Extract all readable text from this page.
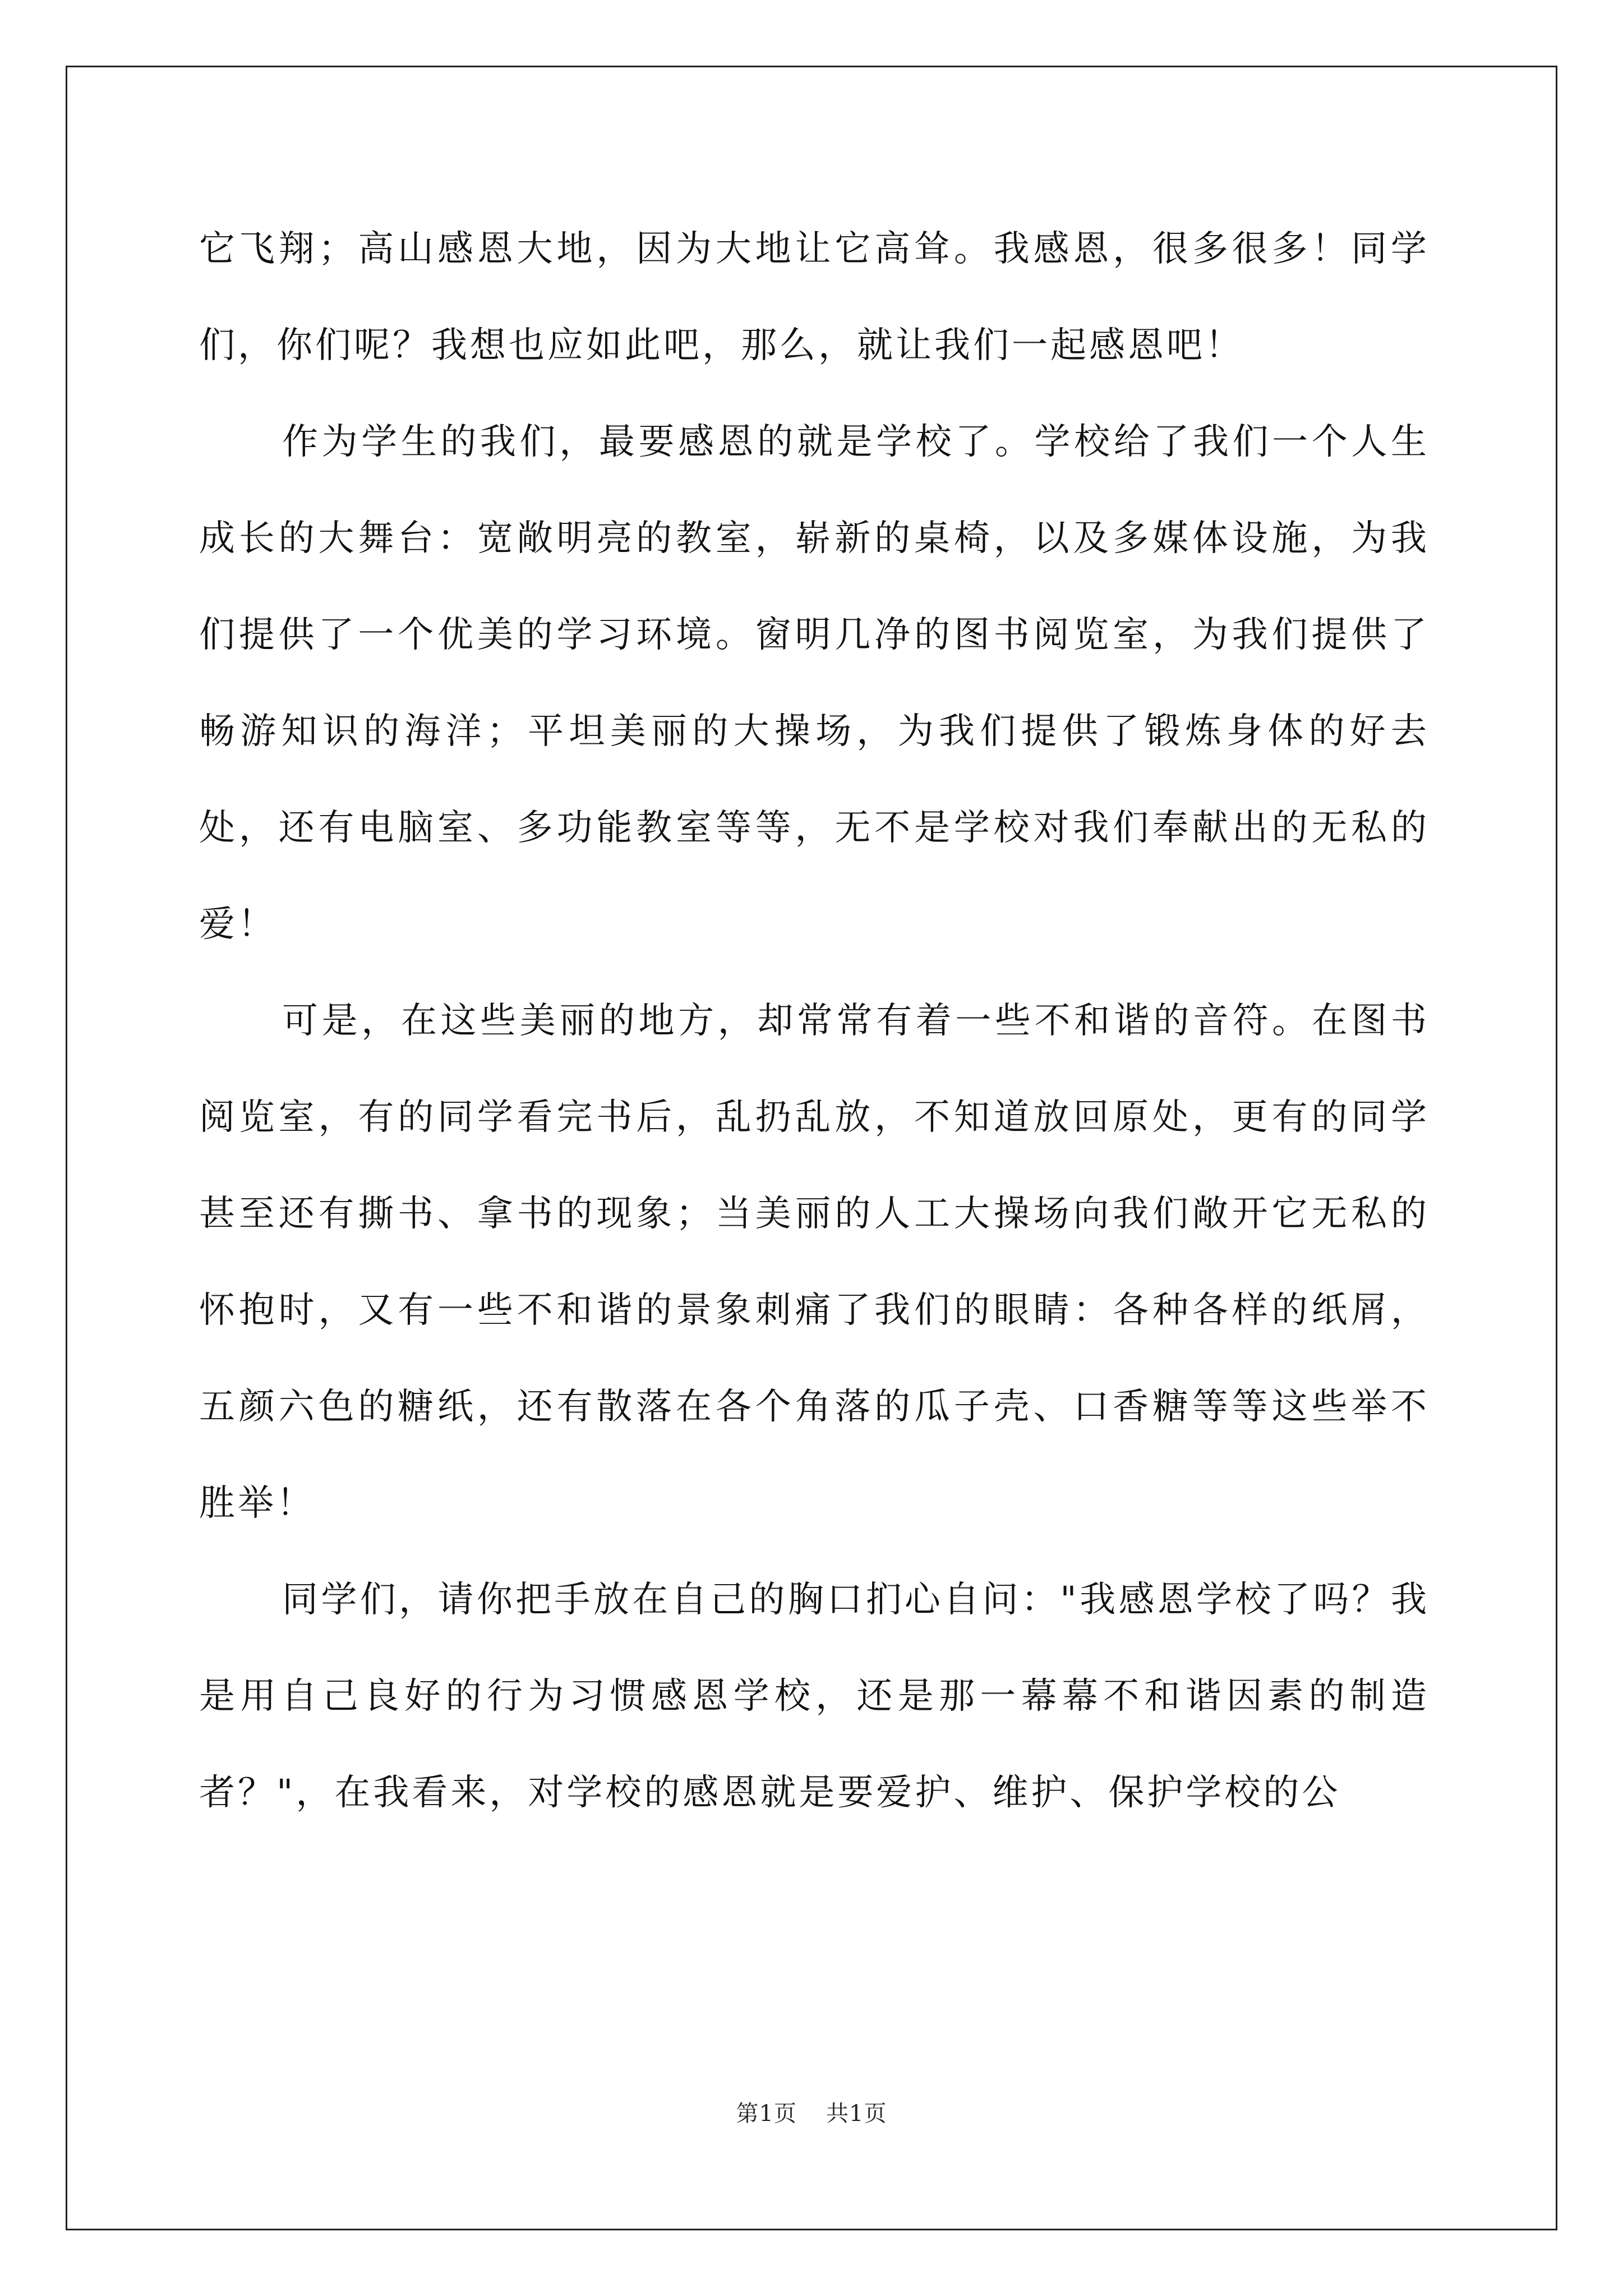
它飞翔；高山感恩大地，因为大地让它高耸。我感恩，很多很多！同学们，你们呢？我想也应如此吧，那么，就让我们一起感恩吧！

作为学生的我们，最要感恩的就是学校了。学校给了我们一个人生成长的大舞台：宽敞明亮的教室，崭新的桌椅，以及多媒体设施，为我们提供了一个优美的学习环境。窗明几净的图书阅览室，为我们提供了畅游知识的海洋；平坦美丽的大操场，为我们提供了锻炼身体的好去处，还有电脑室、多功能教室等等，无不是学校对我们奉献出的无私的爱！

可是，在这些美丽的地方，却常常有着一些不和谐的音符。在图书阅览室，有的同学看完书后，乱扔乱放，不知道放回原处，更有的同学甚至还有撕书、拿书的现象；当美丽的人工大操场向我们敞开它无私的怀抱时，又有一些不和谐的景象刺痛了我们的眼睛：各种各样的纸屑，五颜六色的糖纸，还有散落在各个角落的瓜子壳、口香糖等等这些举不胜举！

同学们，请你把手放在自己的胸口扪心自问："我感恩学校了吗？我是用自己良好的行为习惯感恩学校，还是那一幕幕不和谐因素的制造者？"，在我看来，对学校的感恩就是要爱护、维护、保护学校的公

第1页 共1页
